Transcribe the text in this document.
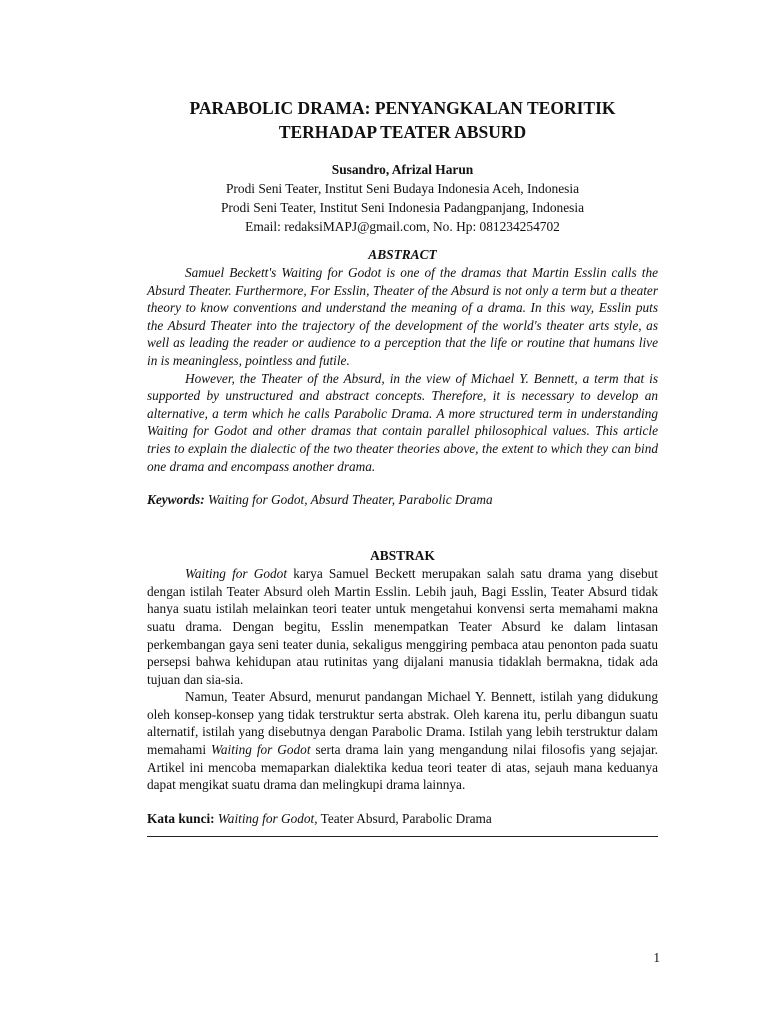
PARABOLIC DRAMA: PENYANGKALAN TEORITIK
TERHADAP TEATER ABSURD
Susandro, Afrizal Harun
Prodi Seni Teater, Institut Seni Budaya Indonesia Aceh, Indonesia
Prodi Seni Teater, Institut Seni Indonesia Padangpanjang, Indonesia
Email: redaksiMAPJ@gmail.com, No. Hp: 081234254702
ABSTRACT

Samuel Beckett's Waiting for Godot is one of the dramas that Martin Esslin calls the Absurd Theater. Furthermore, For Esslin, Theater of the Absurd is not only a term but a theater theory to know conventions and understand the meaning of a drama. In this way, Esslin puts the Absurd Theater into the trajectory of the development of the world's theater arts style, as well as leading the reader or audience to a perception that the life or routine that humans live in is meaningless, pointless and futile.

However, the Theater of the Absurd, in the view of Michael Y. Bennett, a term that is supported by unstructured and abstract concepts. Therefore, it is necessary to develop an alternative, a term which he calls Parabolic Drama. A more structured term in understanding Waiting for Godot and other dramas that contain parallel philosophical values. This article tries to explain the dialectic of the two theater theories above, the extent to which they can bind one drama and encompass another drama.

Keywords: Waiting for Godot, Absurd Theater, Parabolic Drama
ABSTRAK

Waiting for Godot karya Samuel Beckett merupakan salah satu drama yang disebut dengan istilah Teater Absurd oleh Martin Esslin. Lebih jauh, Bagi Esslin, Teater Absurd tidak hanya suatu istilah melainkan teori teater untuk mengetahui konvensi serta memahami makna suatu drama. Dengan begitu, Esslin menempatkan Teater Absurd ke dalam lintasan perkembangan gaya seni teater dunia, sekaligus menggiring pembaca atau penonton pada suatu persepsi bahwa kehidupan atau rutinitas yang dijalani manusia tidaklah bermakna, tidak ada tujuan dan sia-sia.

Namun, Teater Absurd, menurut pandangan Michael Y. Bennett, istilah yang didukung oleh konsep-konsep yang tidak terstruktur serta abstrak. Oleh karena itu, perlu dibangun suatu alternatif, istilah yang disebutnya dengan Parabolic Drama. Istilah yang lebih terstruktur dalam memahami Waiting for Godot serta drama lain yang mengandung nilai filosofis yang sejajar. Artikel ini mencoba memaparkan dialektika kedua teori teater di atas, sejauh mana keduanya dapat mengikat suatu drama dan melingkupi drama lainnya.

Kata kunci: Waiting for Godot, Teater Absurd, Parabolic Drama
1
